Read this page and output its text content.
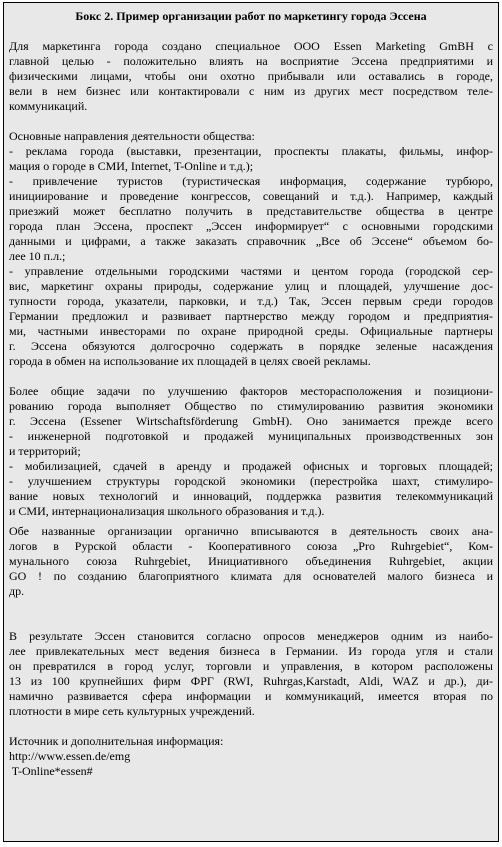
Бокс 2. Пример организации работ по маркетингу города Эссена
Для маркетинга города создано специальное ООО Essen Marketing GmBH с
главной целью - положительно влиять на восприятие Эссена предприятими и
физическими лицами, чтобы они охотно прибывали или оставались в городе,
вели в нем бизнес или контактировали с ним из других мест посредством теле-
коммуникаций.
Основные направления деятельности общества:
- реклама города (выставки, презентации, проспекты плакаты, фильмы, инфор-
мация о городе в СМИ, Internet, T-Online и т.д.);
- привлечение туристов (туристическая информация, содержание турбюро,
инициирование и проведение конгрессов, совещаний и т.д.). Например, каждый
приезжий может бесплатно получить в представительстве общества в центре
города план Эссена, проспект „Эссен информирует“ с основными городскими
данными и цифрами, а также заказать справочник „Все об Эссене“ объемом бо-
лее 10 п.л.;
- управление отдельными городскими частями и центом города (городской сер-
вис, маркетинг охраны природы, содержание улиц и площадей, улучшение дос-
тупности города, указатели, парковки, и т.д.) Так, Эссен первым среди городов
Германии предложил и развивает партнерство между городом и предприятия-
ми, частными инвесторами по охране природной среды. Официальные партнеры
г. Эссена обязуются долгосрочно содержать в порядке зеленые насаждения
города в обмен на использование их площадей в целях своей рекламы.
Более общие задачи по улучшению факторов месторасположения и позициони-
рованию города выполняет Общество по стимулированию развития экономики
г. Эссена (Essener Wirtschaftsförderung GmbH). Оно занимается прежде всего
- инженерной подготовкой и продажей муниципальных производственных зон
и территорий;
- мобилизацией, сдачей в аренду и продажей офисных и торговых площадей;
- улучшением структуры городской экономики (перестройка шахт, стимулиро-
вание новых технологий и инноваций, поддержка развития телекоммуникаций
и СМИ, интернационализация школьного образования и т.д.).
Обе названные организации органично вписываются в деятельность своих ана-
логов в Рурской области - Кооперативного союза „Pro Ruhrgebiet“, Ком-
мунального союза Ruhrgebiet, Инициативного объединения Ruhrgebiet, акции
GO ! по созданию благоприятного климата для основателей малого бизнеса и
др.
В результате Эссен становится согласно опросов менеджеров одним из наибо-
лее привлекательных мест ведения бизнеса в Германии. Из города угля и стали
он превратился в город услуг, торговли и управления, в котором расположены
13 из 100 крупнейших фирм ФРГ (RWI, Ruhrgas,Karstadt, Aldi, WAZ и др.), ди-
намично развивается сфера информации и коммуникаций, имеется вторая по
плотности в мире сеть культурных учреждений.
Источник и дополнительная информация:
http://www.essen.de/emg
T-Online*essen#
